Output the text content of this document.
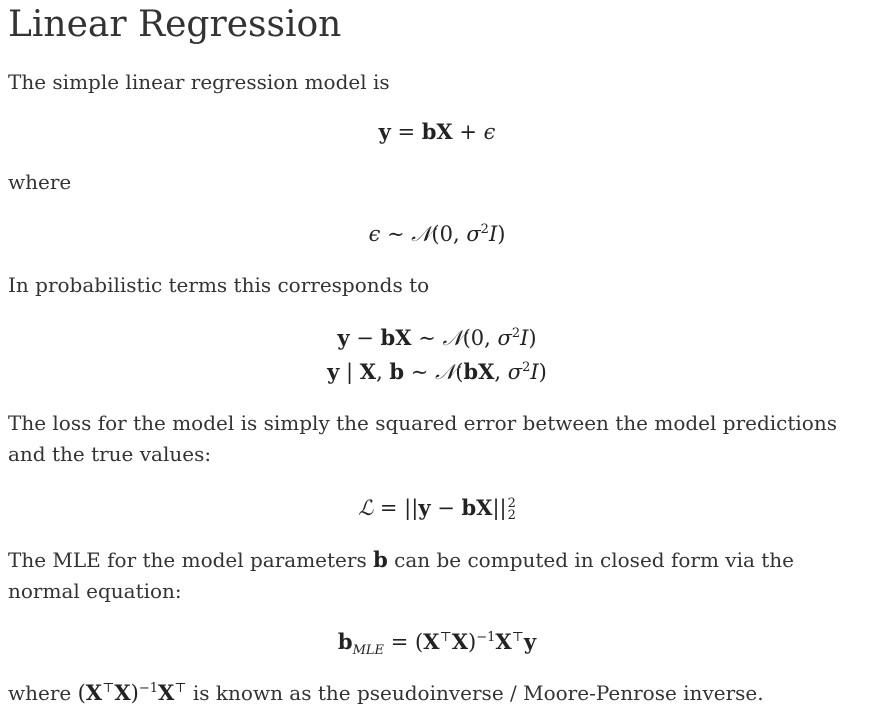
Linear Regression

The simple linear regression model is

y = bX + ϵ

where

ϵ ∼ 𝒩(0, $\sigma^2I$)

In probabilistic terms this corresponds to

y − bX ∼ 𝒩(0, $\sigma^2I$)
y | X, b ∼ 𝒩(bX, $\sigma^2I$)

The loss for the model is simply the squared error between the model predictions and the true values:

ℒ = ||y − bX|| 2
2

The MLE for the model parameters b can be computed in closed form via the normal equation:

$b_{MLE} = (X^⊤X)^{-1}X^⊤y$

where $(X^⊤X)^{-1}X^⊤$ is known as the pseudoinverse / Moore-Penrose inverse.
